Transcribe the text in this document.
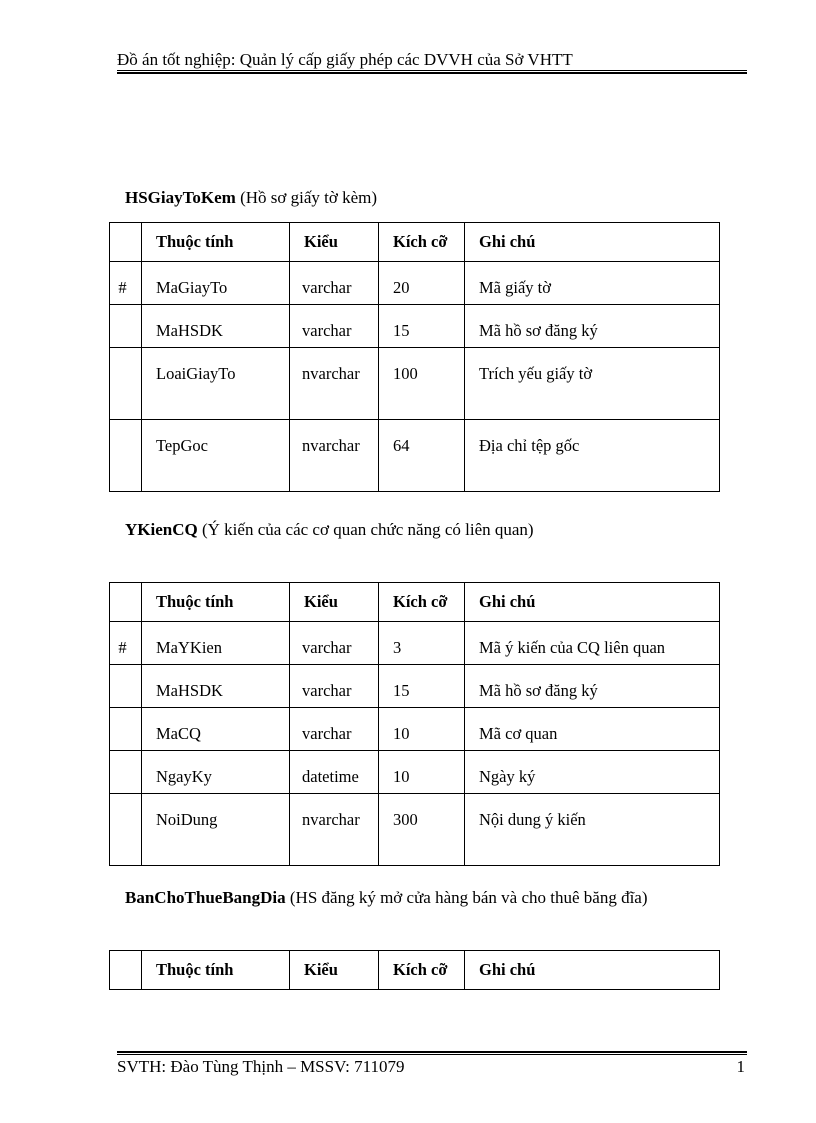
Đồ án tốt nghiệp: Quản lý cấp giấy phép các DVVH của Sở VHTT
HSGiayToKem (Hồ sơ giấy tờ kèm)
	Thuộc tính	Kiểu	Kích cỡ	Ghi chú
#	MaGiayTo	varchar	20	Mã giấy tờ
	MaHSDK	varchar	15	Mã hồ sơ đăng ký
	LoaiGiayTo	nvarchar	100	Trích yếu giấy tờ
	TepGoc	nvarchar	64	Địa chỉ tệp gốc
YKienCQ (Ý kiến của các cơ quan chức năng có liên quan)
	Thuộc tính	Kiểu	Kích cỡ	Ghi chú
#	MaYKien	varchar	3	Mã ý kiến của CQ liên quan
	MaHSDK	varchar	15	Mã hồ sơ đăng ký
	MaCQ	varchar	10	Mã cơ quan
	NgayKy	datetime	10	Ngày ký
	NoiDung	nvarchar	300	Nội dung ý kiến
BanChoThueBangDia (HS đăng ký mở cửa hàng bán và cho thuê băng đĩa)
	Thuộc tính	Kiểu	Kích cỡ	Ghi chú
SVTH: Đào Tùng Thịnh – MSSV: 711079	1
